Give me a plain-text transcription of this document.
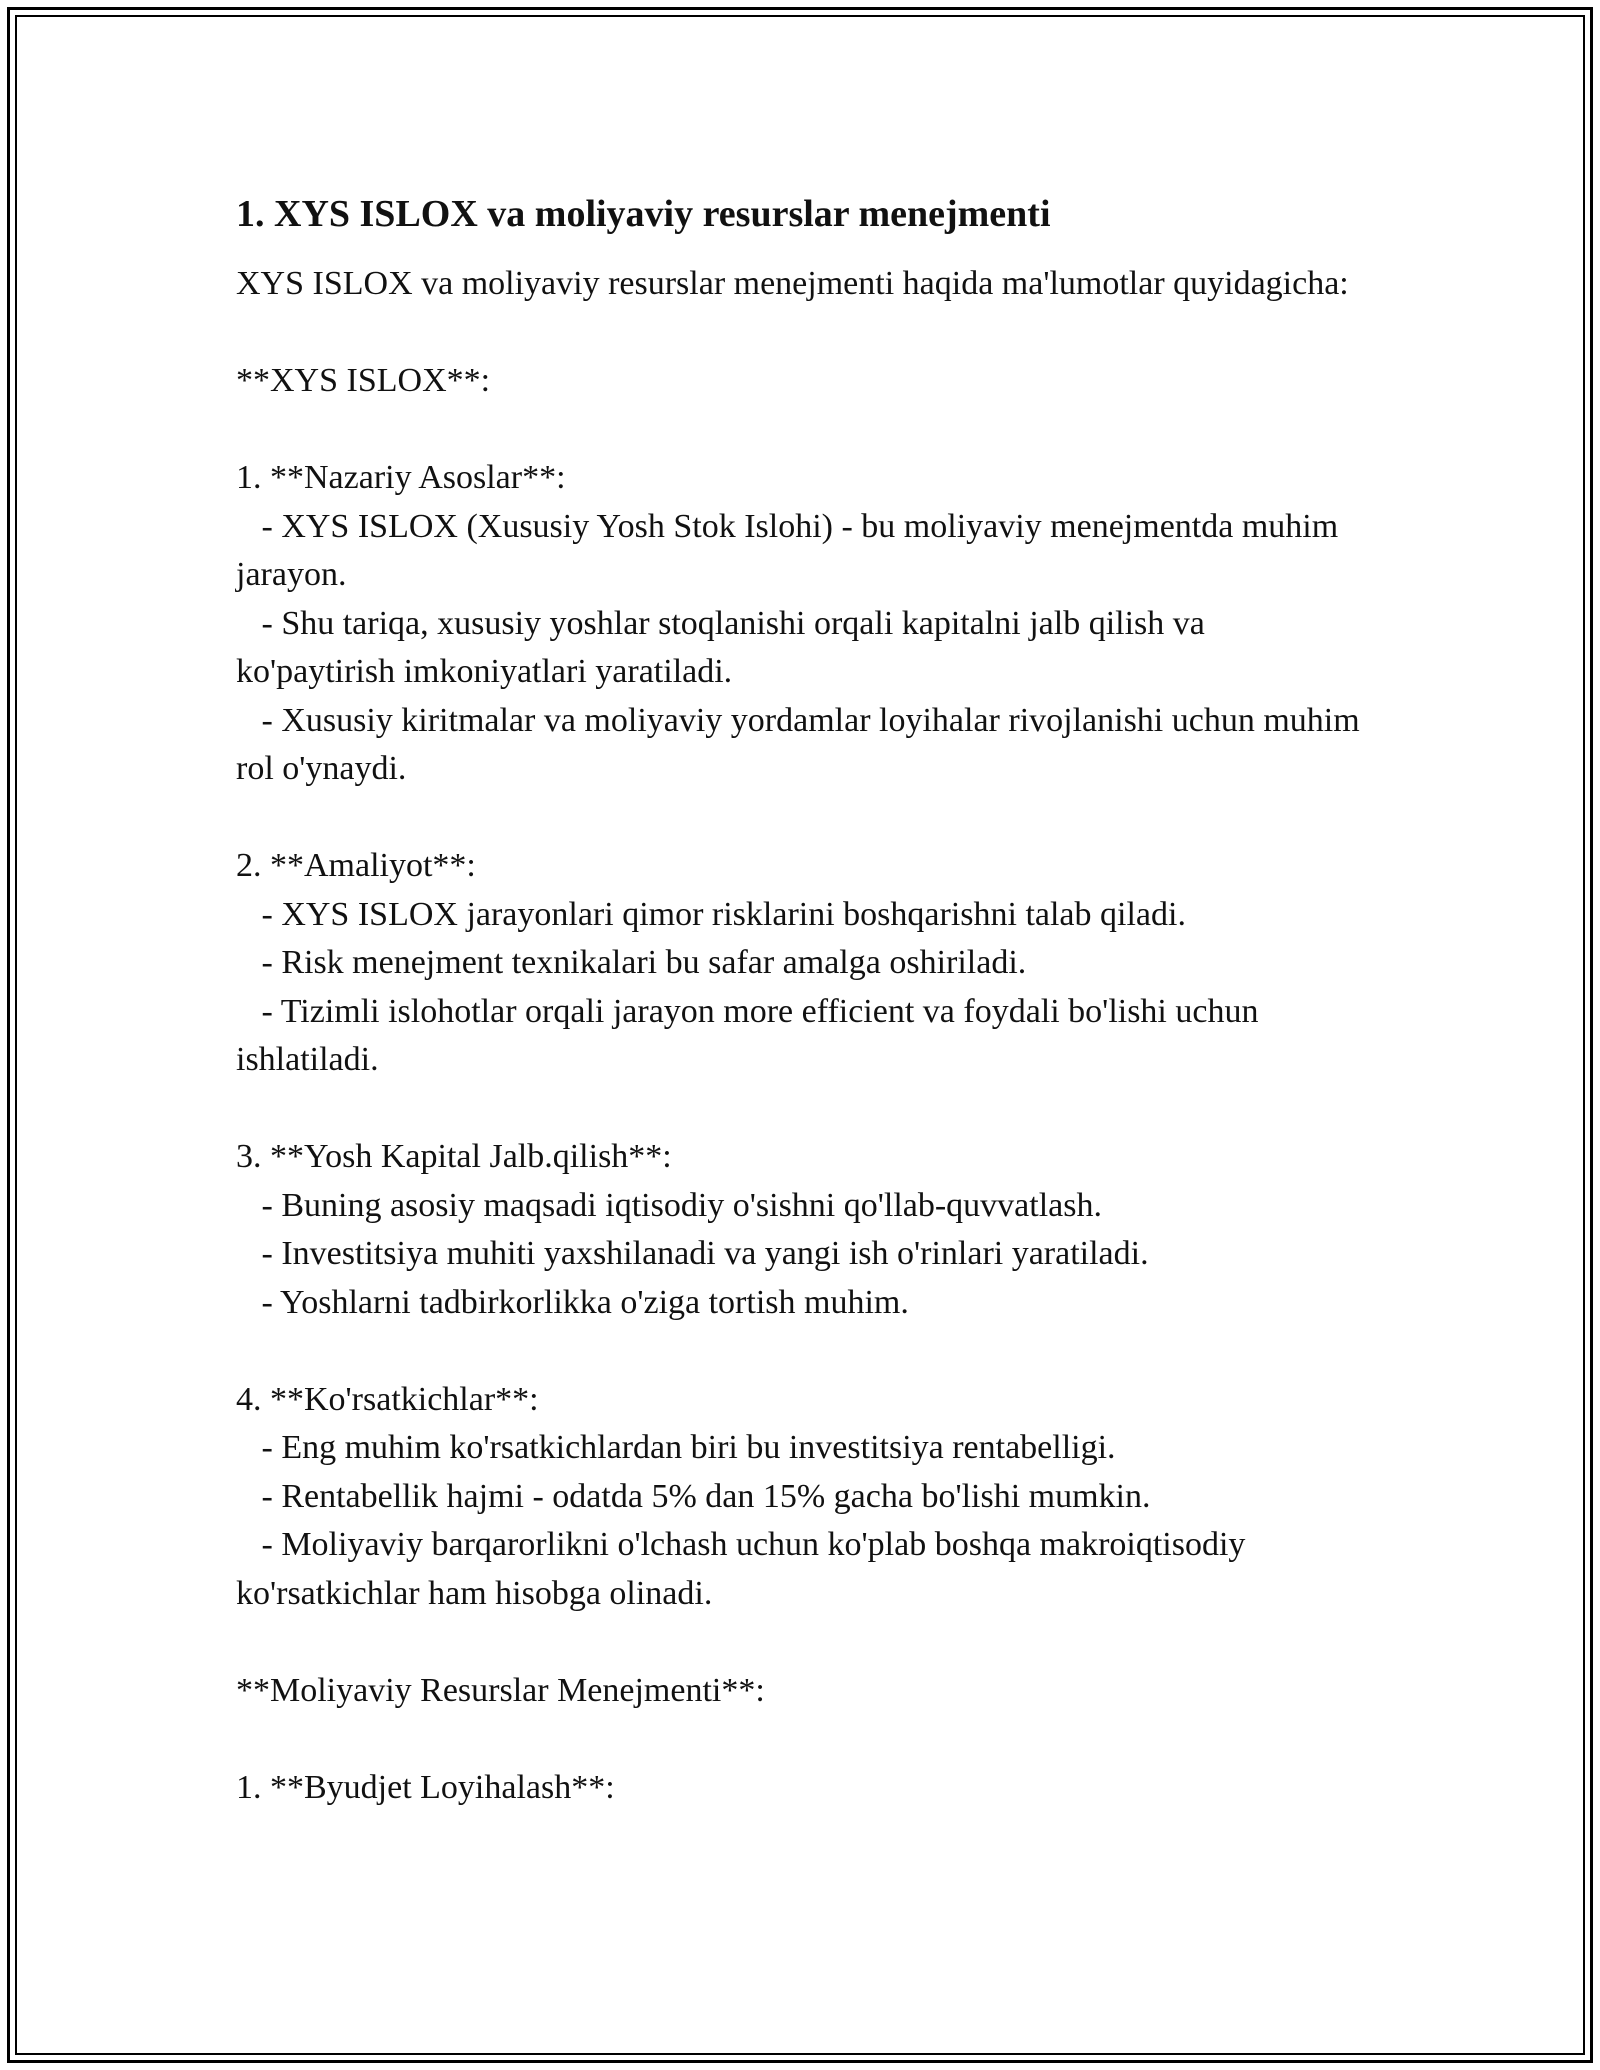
1. XYS ISLOX va moliyaviy resurslar menejmenti

XYS ISLOX va moliyaviy resurslar menejmenti haqida ma'lumotlar quyidagicha:

**XYS ISLOX**:

1. **Nazariy Asoslar**:

- XYS ISLOX (Xususiy Yosh Stok Islohi) - bu moliyaviy menejmentda muhim jarayon.

- Shu tariqa, xususiy yoshlar stoqlanishi orqali kapitalni jalb qilish va ko'paytirish imkoniyatlari yaratiladi.

- Xususiy kiritmalar va moliyaviy yordamlar loyihalar rivojlanishi uchun muhim rol o'ynaydi.

2. **Amaliyot**:

- XYS ISLOX jarayonlari qimor risklarini boshqarishni talab qiladi.

- Risk menejment texnikalari bu safar amalga oshiriladi.

- Tizimli islohotlar orqali jarayon more efficient va foydali bo'lishi uchun ishlatiladi.

3. **Yosh Kapital Jalb.qilish**:

- Buning asosiy maqsadi iqtisodiy o'sishni qo'llab-quvvatlash.

- Investitsiya muhiti yaxshilanadi va yangi ish o'rinlari yaratiladi.

- Yoshlarni tadbirkorlikka o'ziga tortish muhim.

4. **Ko'rsatkichlar**:

- Eng muhim ko'rsatkichlardan biri bu investitsiya rentabelligi.

- Rentabellik hajmi - odatda 5% dan 15% gacha bo'lishi mumkin.

- Moliyaviy barqarorlikni o'lchash uchun ko'plab boshqa makroiqtisodiy ko'rsatkichlar ham hisobga olinadi.

**Moliyaviy Resurslar Menejmenti**:

1. **Byudjet Loyihalash**:
